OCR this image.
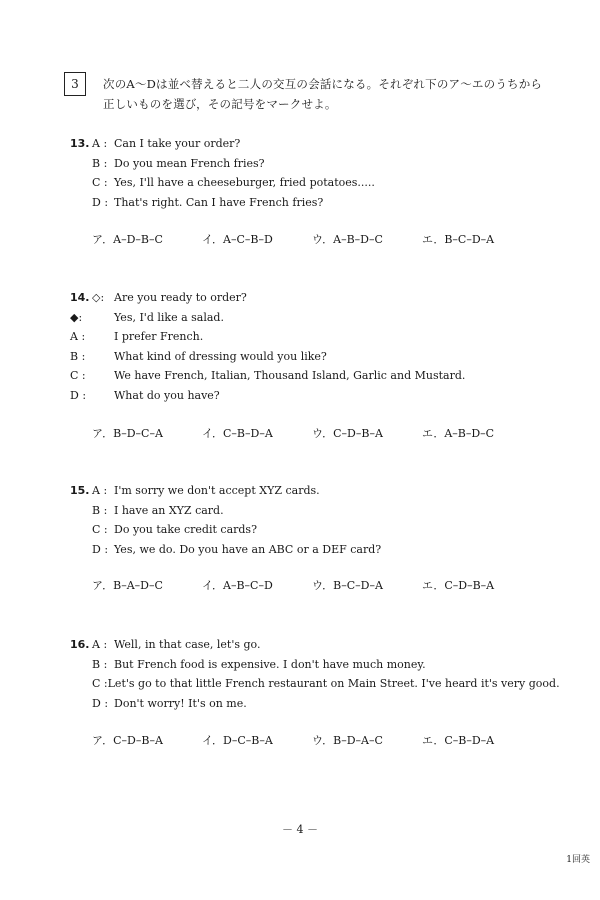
3	次のA～Dは並べ替えると二人の交互の会話になる。それぞれ下のア～エのうちから
正しいものを選び，その記号をマークせよ。
13. A : Can I take your order?
B : Do you mean French fries?
C : Yes, I'll have a cheeseburger, fried potatoes.....
D : That's right. Can I have French fries?
ア．A–D–B–C	イ．A–C–B–D	ウ．A–B–D–C	エ．B–C–D–A
14. ◇: Are you ready to order?
◆:	Yes, I'd like a salad.
A :	I prefer French.
B :	What kind of dressing would you like?
C :	We have French, Italian, Thousand Island, Garlic and Mustard.
D :	What do you have?
ア．B–D–C–A	イ．C–B–D–A	ウ．C–D–B–A	エ．A–B–D–C
15. A : I'm sorry we don't accept XYZ cards.
B : I have an XYZ card.
C : Do you take credit cards?
D : Yes, we do. Do you have an ABC or a DEF card?
ア．B–A–D–C	イ．A–B–C–D	ウ．B–C–D–A	エ．C–D–B–A
16. A : Well, in that case, let's go.
B : But French food is expensive. I don't have much money.
C : Let's go to that little French restaurant on Main Street. I've heard it's very good.
D : Don't worry! It's on me.
ア．C–D–B–A	イ．D–C–B–A	ウ．B–D–A–C	エ．C–B–D–A
－ 4 －
1回英
